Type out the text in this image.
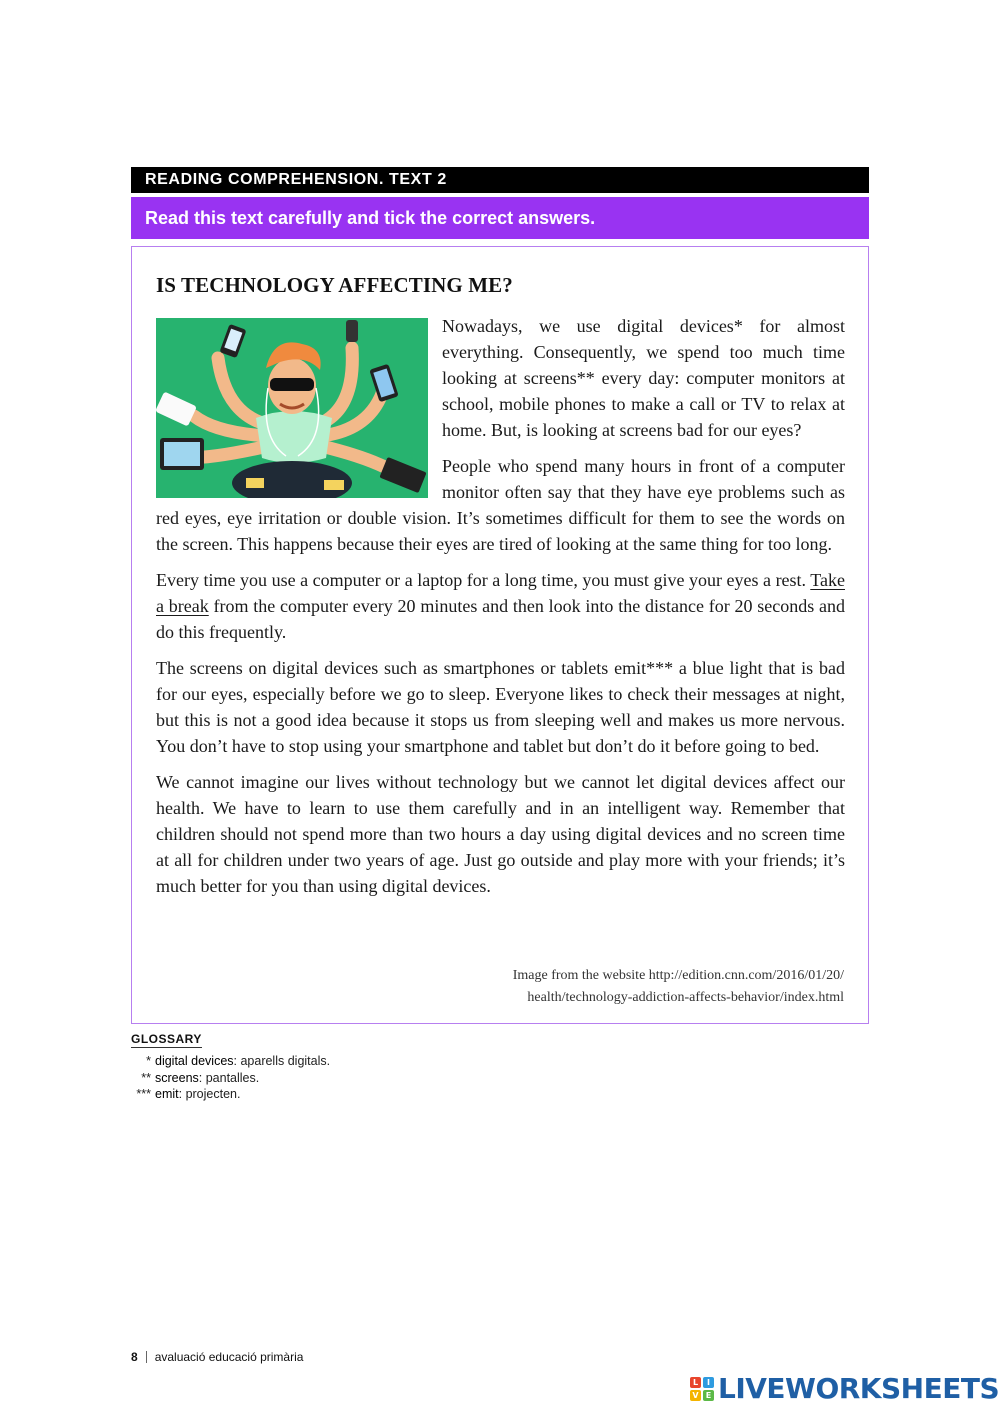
READING COMPREHENSION. TEXT 2
Read this text carefully and tick the correct answers.
IS TECHNOLOGY AFFECTING ME?

Nowadays, we use digital devices* for almost everything. Consequently, we spend too much time looking at screens** every day: computer monitors at school, mobile phones to make a call or TV to relax at home. But, is looking at screens bad for our eyes?

People who spend many hours in front of a computer monitor often say that they have eye problems such as red eyes, eye irritation or double vision. It’s sometimes difficult for them to see the words on the screen. This happens because their eyes are tired of looking at the same thing for too long.

Every time you use a computer or a laptop for a long time, you must give your eyes a rest. Take a break from the computer every 20 minutes and then look into the distance for 20 seconds and do this frequently.

The screens on digital devices such as smartphones or tablets emit*** a blue light that is bad for our eyes, especially before we go to sleep. Everyone likes to check their messages at night, but this is not a good idea because it stops us from sleeping well and makes us more nervous. You don’t have to stop using your smartphone and tablet but don’t do it before going to bed.

We cannot imagine our lives without technology but we cannot let digital devices affect our health. We have to learn to use them carefully and in an intelligent way. Remember that children should not spend more than two hours a day using digital devices and no screen time at all for children under two years of age. Just go outside and play more with your friends; it’s much better for you than using digital devices.

Image from the website http://edition.cnn.com/2016/01/20/
health/technology-addiction-affects-behavior/index.html
GLOSSARY
* digital devices: aparells digitals.
** screens: pantalles.
*** emit: projecten.
8 avaluació educació primària
L	I
V E LIVEWORKSHEETS
